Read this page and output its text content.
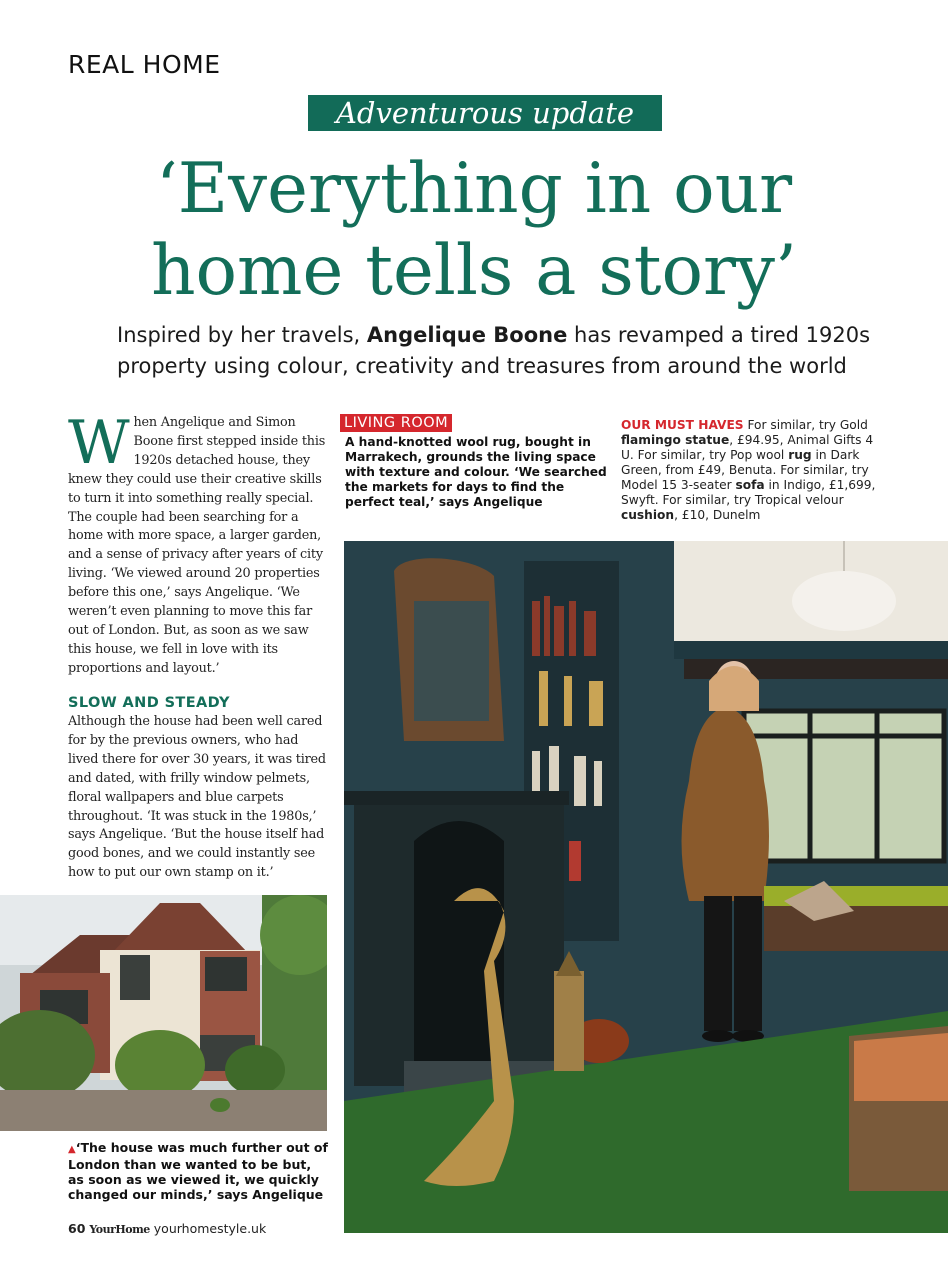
REAL HOME
Adventurous update
‘Everything in our
home tells a story’
Inspired by her travels, Angelique Boone has revamped a tired 1920s property using colour, creativity and treasures from around the world
When Angelique and Simon Boone first stepped inside this 1920s detached house, they knew they could use their creative skills to turn it into something really special. The couple had been searching for a home with more space, a larger garden, and a sense of privacy after years of city living. ‘We viewed around 20 properties before this one,’ says Angelique. ‘We weren’t even planning to move this far out of London. But, as soon as we saw this house, we fell in love with its proportions and layout.’
SLOW AND STEADY
Although the house had been well cared for by the previous owners, who had lived there for over 30 years, it was tired and dated, with frilly window pelmets, floral wallpapers and blue carpets throughout. ‘It was stuck in the 1980s,’ says Angelique. ‘But the house itself had good bones, and we could instantly see how to put our own stamp on it.’
▲‘The house was much further out of London than we wanted to be but, as soon as we viewed it, we quickly changed our minds,’ says Angelique
60 YourHome yourhomestyle.uk
LIVING ROOM
A hand-knotted wool rug, bought in Marrakech, grounds the living space with texture and colour. ‘We searched the markets for days to find the perfect teal,’ says Angelique
OUR MUST HAVES For similar, try Gold flamingo statue, £94.95, Animal Gifts 4 U. For similar, try Pop wool rug in Dark Green, from £49, Benuta. For similar, try Model 15 3-seater sofa in Indigo, £1,699, Swyft. For similar, try Tropical velour cushion, £10, Dunelm
